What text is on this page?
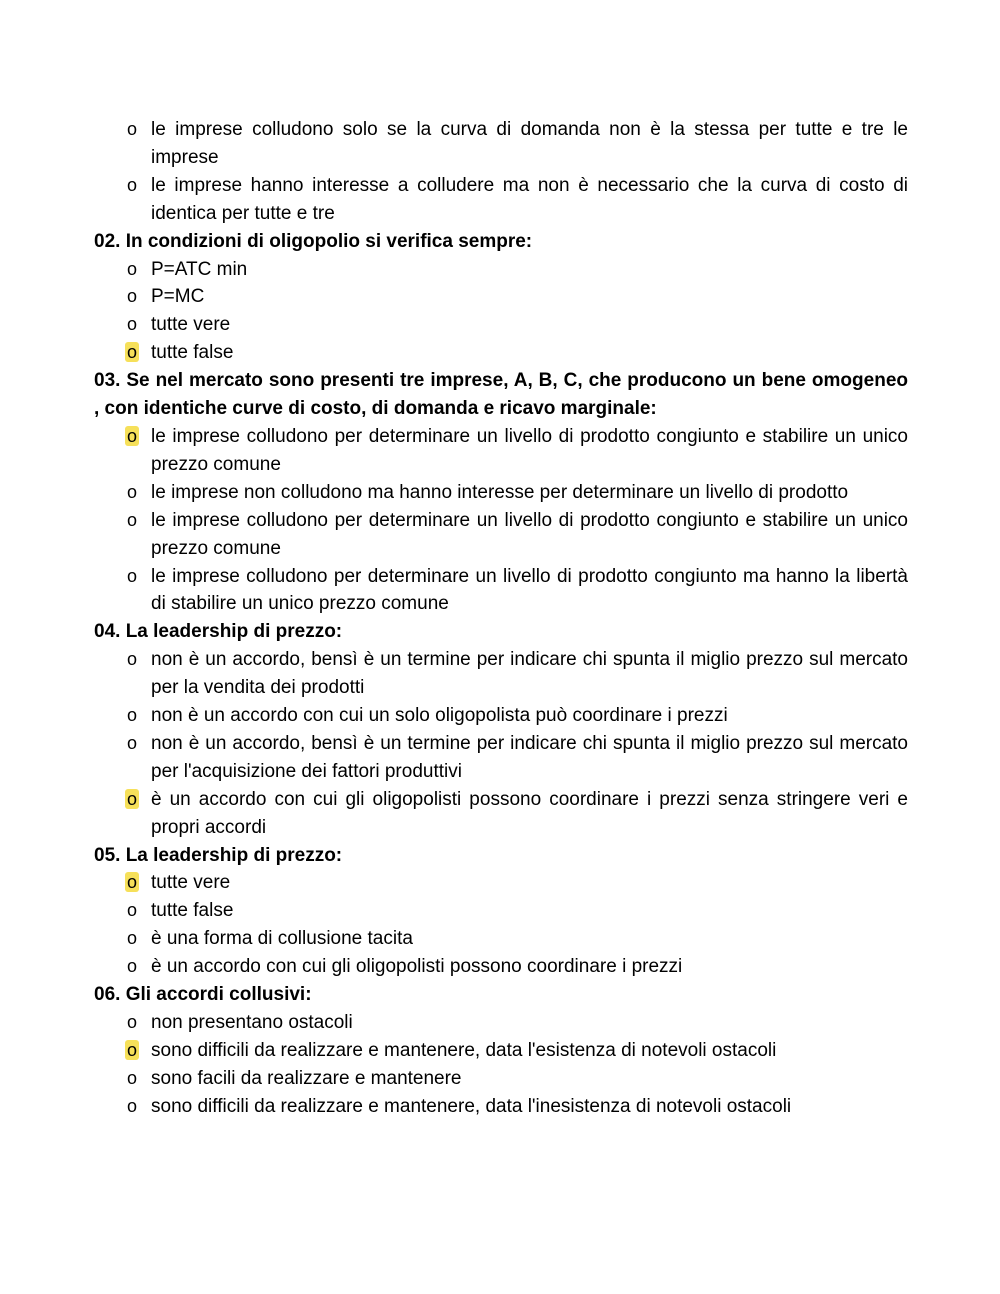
o le imprese colludono solo se la curva di domanda non è la stessa per tutte e tre le imprese
o le imprese hanno interesse a colludere ma non è necessario che la curva di costo di identica per tutte e tre
02. In condizioni di oligopolio si verifica sempre:
o P=ATC min
o P=MC
o tutte vere
o tutte false
03. Se nel mercato sono presenti tre imprese, A, B, C, che producono un bene omogeneo , con identiche curve di costo, di domanda e ricavo marginale:
o le imprese colludono per determinare un livello di prodotto congiunto e stabilire un unico prezzo comune
o le imprese non colludono ma hanno interesse per determinare un livello di prodotto
o le imprese colludono per determinare un livello di prodotto congiunto e stabilire un unico prezzo comune
o le imprese colludono per determinare un livello di prodotto congiunto ma hanno la libertà di stabilire un unico prezzo comune
04. La leadership di prezzo:
o non è un accordo, bensì è un termine per indicare chi spunta il miglio prezzo sul mercato per la vendita dei prodotti
o non è un accordo con cui un solo oligopolista può coordinare i prezzi
o non è un accordo, bensì è un termine per indicare chi spunta il miglio prezzo sul mercato per l'acquisizione dei fattori produttivi
o è un accordo con cui gli oligopolisti possono coordinare i prezzi senza stringere veri e propri accordi
05. La leadership di prezzo:
o tutte vere
o tutte false
o è una forma di collusione tacita
o è un accordo con cui gli oligopolisti possono coordinare i prezzi
06. Gli accordi collusivi:
o non presentano ostacoli
o sono difficili da realizzare e mantenere, data l'esistenza di notevoli ostacoli
o sono facili da realizzare e mantenere
o sono difficili da realizzare e mantenere, data l'inesistenza di notevoli ostacoli
